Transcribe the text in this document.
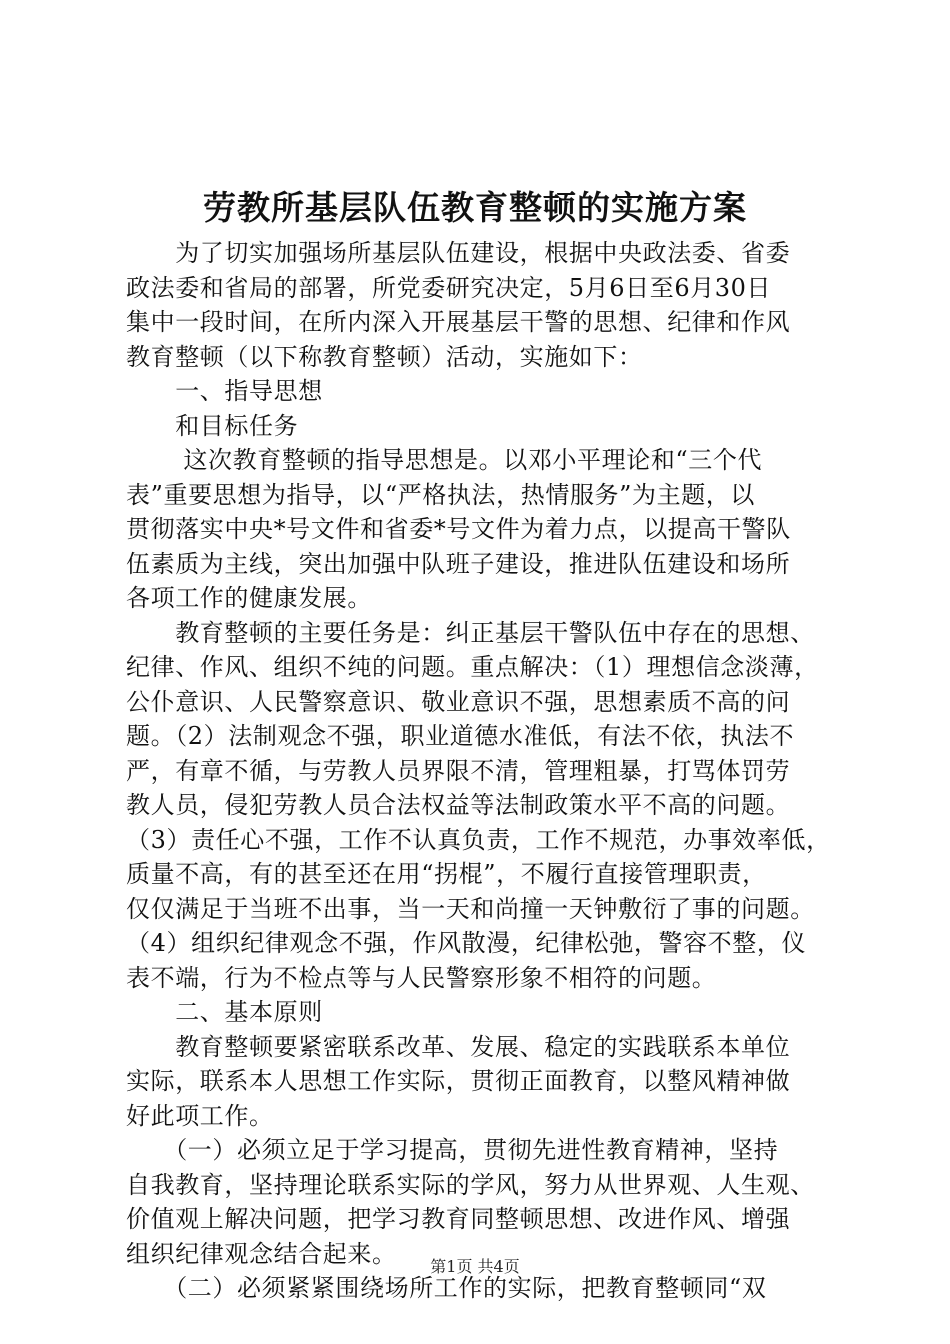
劳教所基层队伍教育整顿的实施方案
　　为了切实加强场所基层队伍建设，根据中央政法委、省委
政法委和省局的部署，所党委研究决定，5月6日至6月30日
集中一段时间，在所内深入开展基层干警的思想、纪律和作风
教育整顿（以下称教育整顿）活动，实施如下：
　　一、指导思想
　　和目标任务
　　 这次教育整顿的指导思想是。以邓小平理论和“三个代
表”重要思想为指导，以“严格执法，热情服务”为主题，以
贯彻落实中央*号文件和省委*号文件为着力点，以提高干警队
伍素质为主线，突出加强中队班子建设，推进队伍建设和场所
各项工作的健康发展。
　　教育整顿的主要任务是：纠正基层干警队伍中存在的思想、
纪律、作风、组织不纯的问题。重点解决：（1）理想信念淡薄，
公仆意识、人民警察意识、敬业意识不强，思想素质不高的问
题。（2）法制观念不强，职业道德水准低，有法不依，执法不
严，有章不循，与劳教人员界限不清，管理粗暴，打骂体罚劳
教人员，侵犯劳教人员合法权益等法制政策水平不高的问题。
（3）责任心不强，工作不认真负责，工作不规范，办事效率低，
质量不高，有的甚至还在用“拐棍”，不履行直接管理职责，
仅仅满足于当班不出事，当一天和尚撞一天钟敷衍了事的问题。
（4）组织纪律观念不强，作风散漫，纪律松弛，警容不整，仪
表不端，行为不检点等与人民警察形象不相符的问题。
　　二、基本原则
　　教育整顿要紧密联系改革、发展、稳定的实践联系本单位
实际，联系本人思想工作实际，贯彻正面教育，以整风精神做
好此项工作。
　　（一）必须立足于学习提高，贯彻先进性教育精神，坚持
自我教育，坚持理论联系实际的学风，努力从世界观、人生观、
价值观上解决问题，把学习教育同整顿思想、改进作风、增强
组织纪律观念结合起来。
　　（二）必须紧紧围绕场所工作的实际，把教育整顿同“双
第1页 共4页
